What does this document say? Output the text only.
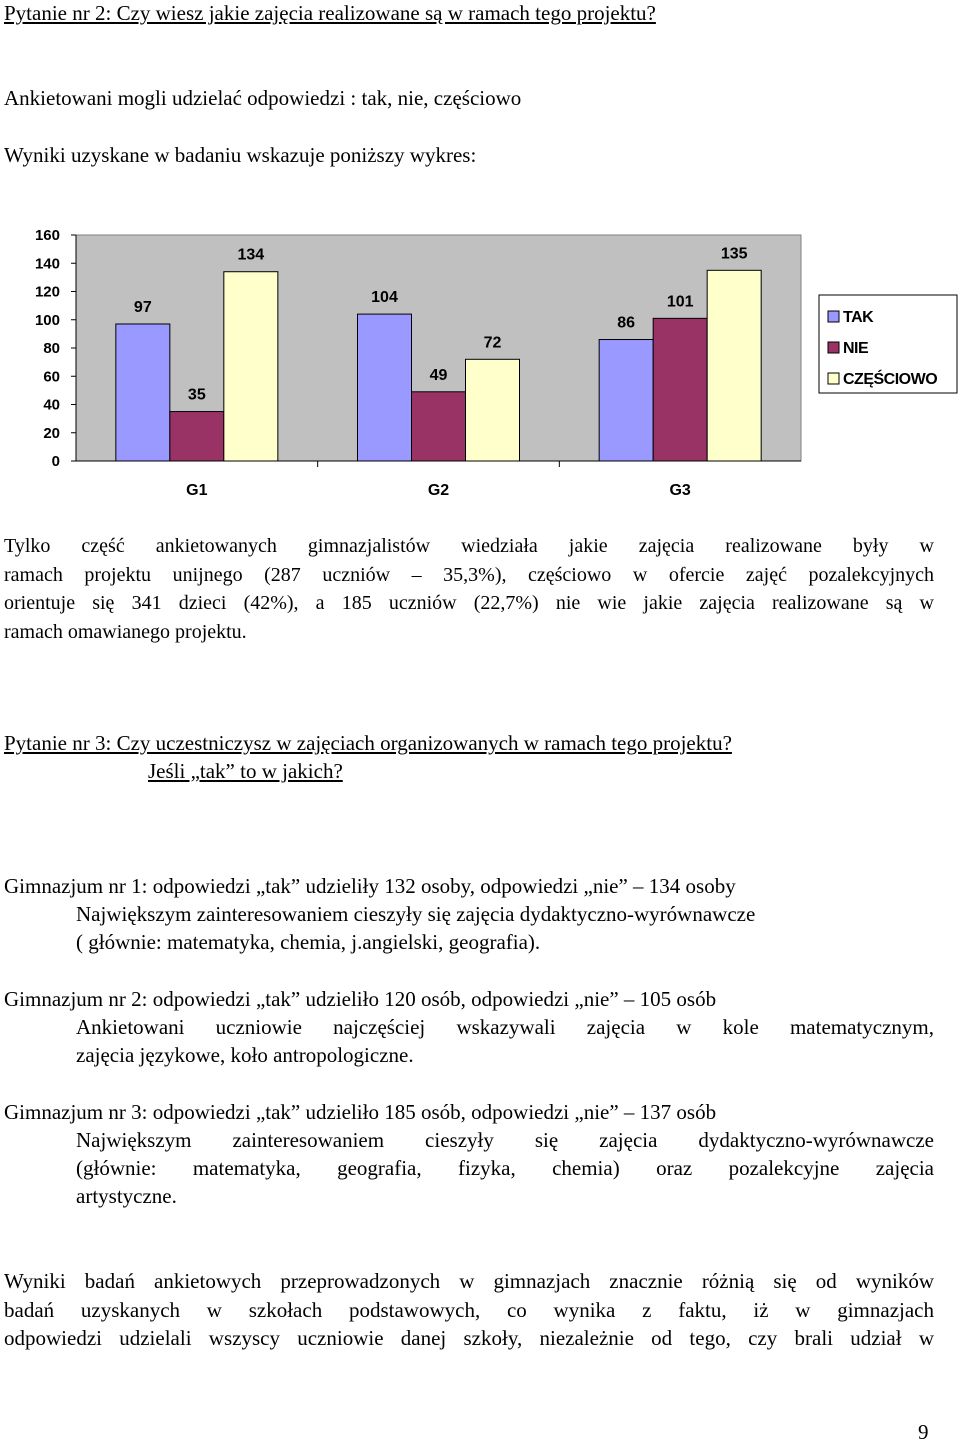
Pytanie nr 2: Czy wiesz jakie zajęcia realizowane są w ramach tego projektu?
Ankietowani mogli udzielać odpowiedzi : tak, nie, częściowo
Wyniki uzyskane w badaniu wskazuje poniższy wykres:
0
20
40
60
80
100
120
140
160
97
35
134
G1
104
49
72
G2
86
101
135
G3
TAK
NIE
CZĘŚCIOWO
Tylko część ankietowanych gimnazjalistów wiedziała jakie zajęcia realizowane były w
ramach projektu unijnego (287 uczniów – 35,3%), częściowo w ofercie zajęć pozalekcyjnych
orientuje się 341 dzieci (42%), a 185 uczniów (22,7%) nie wie jakie zajęcia realizowane są w
ramach omawianego projektu.
Pytanie nr 3: Czy uczestniczysz w zajęciach organizowanych w ramach tego projektu?
Jeśli „tak” to w jakich?
Gimnazjum nr 1: odpowiedzi „tak” udzieliły 132 osoby, odpowiedzi „nie” – 134 osoby
Największym zainteresowaniem cieszyły się zajęcia dydaktyczno-wyrównawcze
( głównie: matematyka, chemia, j.angielski, geografia).
Gimnazjum nr 2: odpowiedzi „tak” udzieliło 120 osób, odpowiedzi „nie” – 105 osób
Ankietowani uczniowie najczęściej wskazywali zajęcia w kole matematycznym,
zajęcia językowe, koło antropologiczne.
Gimnazjum nr 3: odpowiedzi „tak” udzieliło 185 osób, odpowiedzi „nie” – 137 osób
Największym zainteresowaniem cieszyły się zajęcia dydaktyczno-wyrównawcze
(głównie: matematyka, geografia, fizyka, chemia) oraz pozalekcyjne zajęcia
artystyczne.
Wyniki badań ankietowych przeprowadzonych w gimnazjach znacznie różnią się od wyników
badań uzyskanych w szkołach podstawowych, co wynika z faktu, iż w gimnazjach
odpowiedzi udzielali wszyscy uczniowie danej szkoły, niezależnie od tego, czy brali udział w
9
